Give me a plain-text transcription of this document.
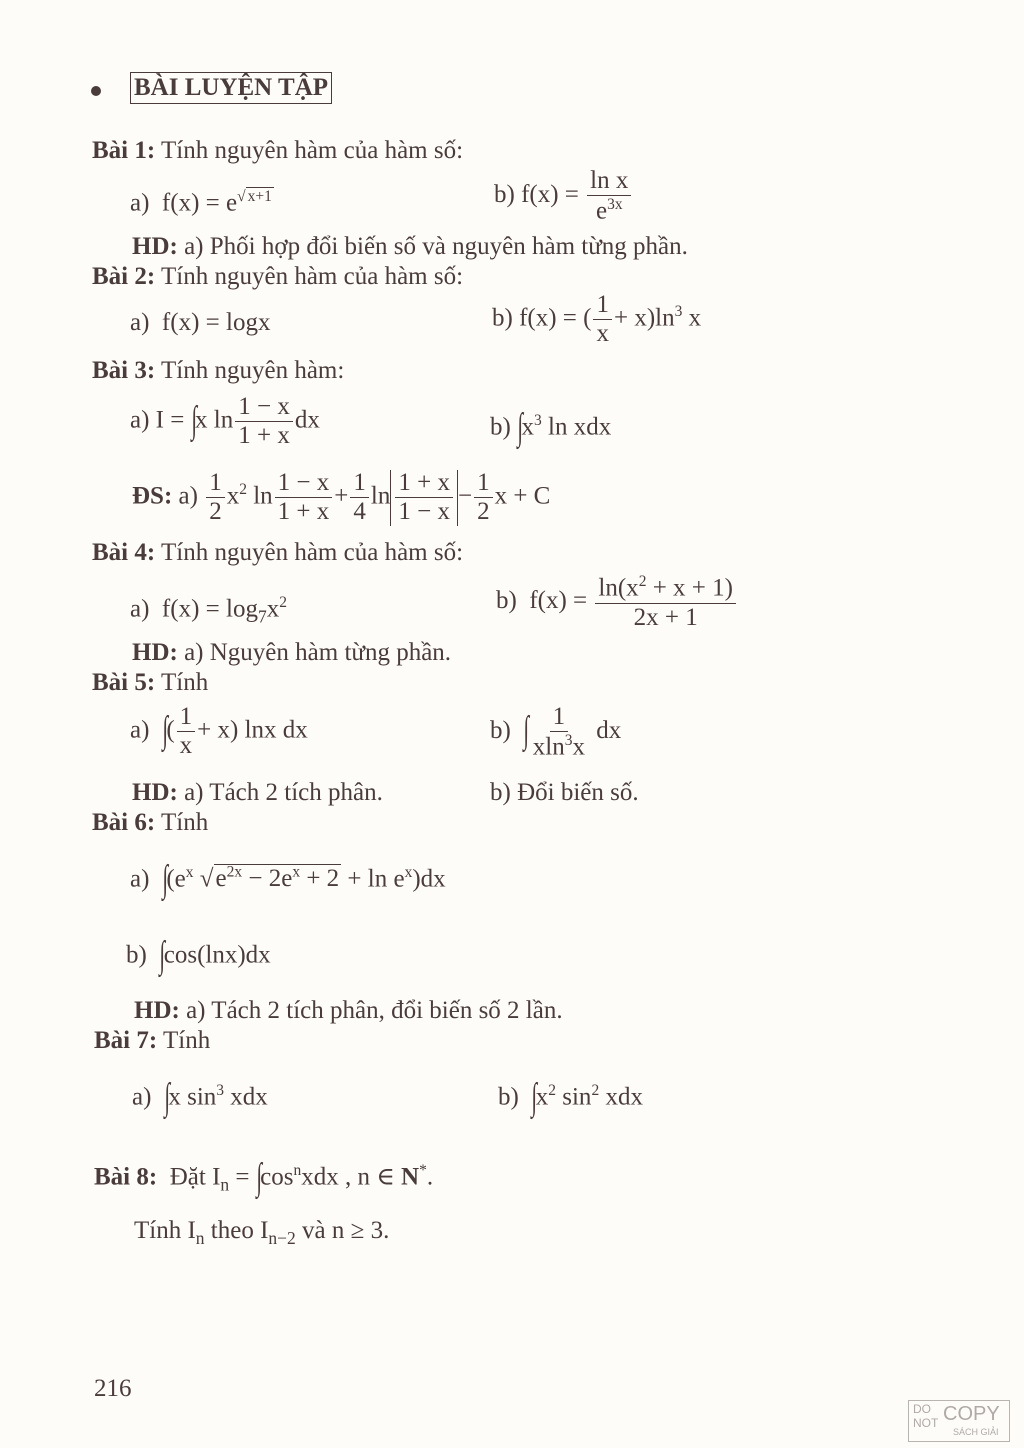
BÀI LUYỆN TẬP
Bài 1: Tính nguyên hàm của hàm số:
a)  $f(x) = e^{√ x+1}$	b) $f(x) = \frac{\text{ln x}}{e^{3x}}$
HD: a) Phối hợp đổi biến số và nguyên hàm từng phần.
Bài 2: Tính nguyên hàm của hàm số:
a)  f(x) = logx	b) f(x) = ( $\frac{1}{x} + x)\ln^3$ x
Bài 3: Tính nguyên hàm:
a) I = ∫x $\ln \frac{1 - x}{1 + x}$ dx	b) $\int x^3$ ln xdx
ĐS: $a) \frac{1}{2} x^2$ $\ln \frac{1 - x}{1 + x} + \frac{1}{4}$ $\ln \frac{1 + x}{1 - x} - \frac{1}{2}$ x + C
Bài 4: Tính nguyên hàm của hàm số:
a)  $f(x) = \log_7x^2$	b)  $f(x) = \frac{\ln(x^2 + x + 1)}{2x + 1}$
HD: a) Nguyên hàm từng phần.
Bài 5: Tính
a)  ∫( $\frac{1}{x} + x$) lnx dx	b)  ∫ $\frac{1}{xln^3x}$ dx
HD: a) Tách 2 tích phân.	b) Đổi biến số.
Bài 6: Tính
a)  $\int(e^x$ $√e^{2x} - 2e^x + 2 + \ln e^x)dx$
b)  ∫cos(lnx)dx
HD: a) Tách 2 tích phân, đổi biến số 2 lần.
Bài 7: Tính
a)  ∫x $\sin^3$ xdx	b)  $\int x^2$ $\sin^2$ xdx
Bài 8: Đặt $I_n = \int\cos^nxdx$ , n ∈ N*.
Tính $I_n$ theo $I_{n-2}$ và n ≥ 3.
216
DO
NOT COPY
SÁCH GIẢI
